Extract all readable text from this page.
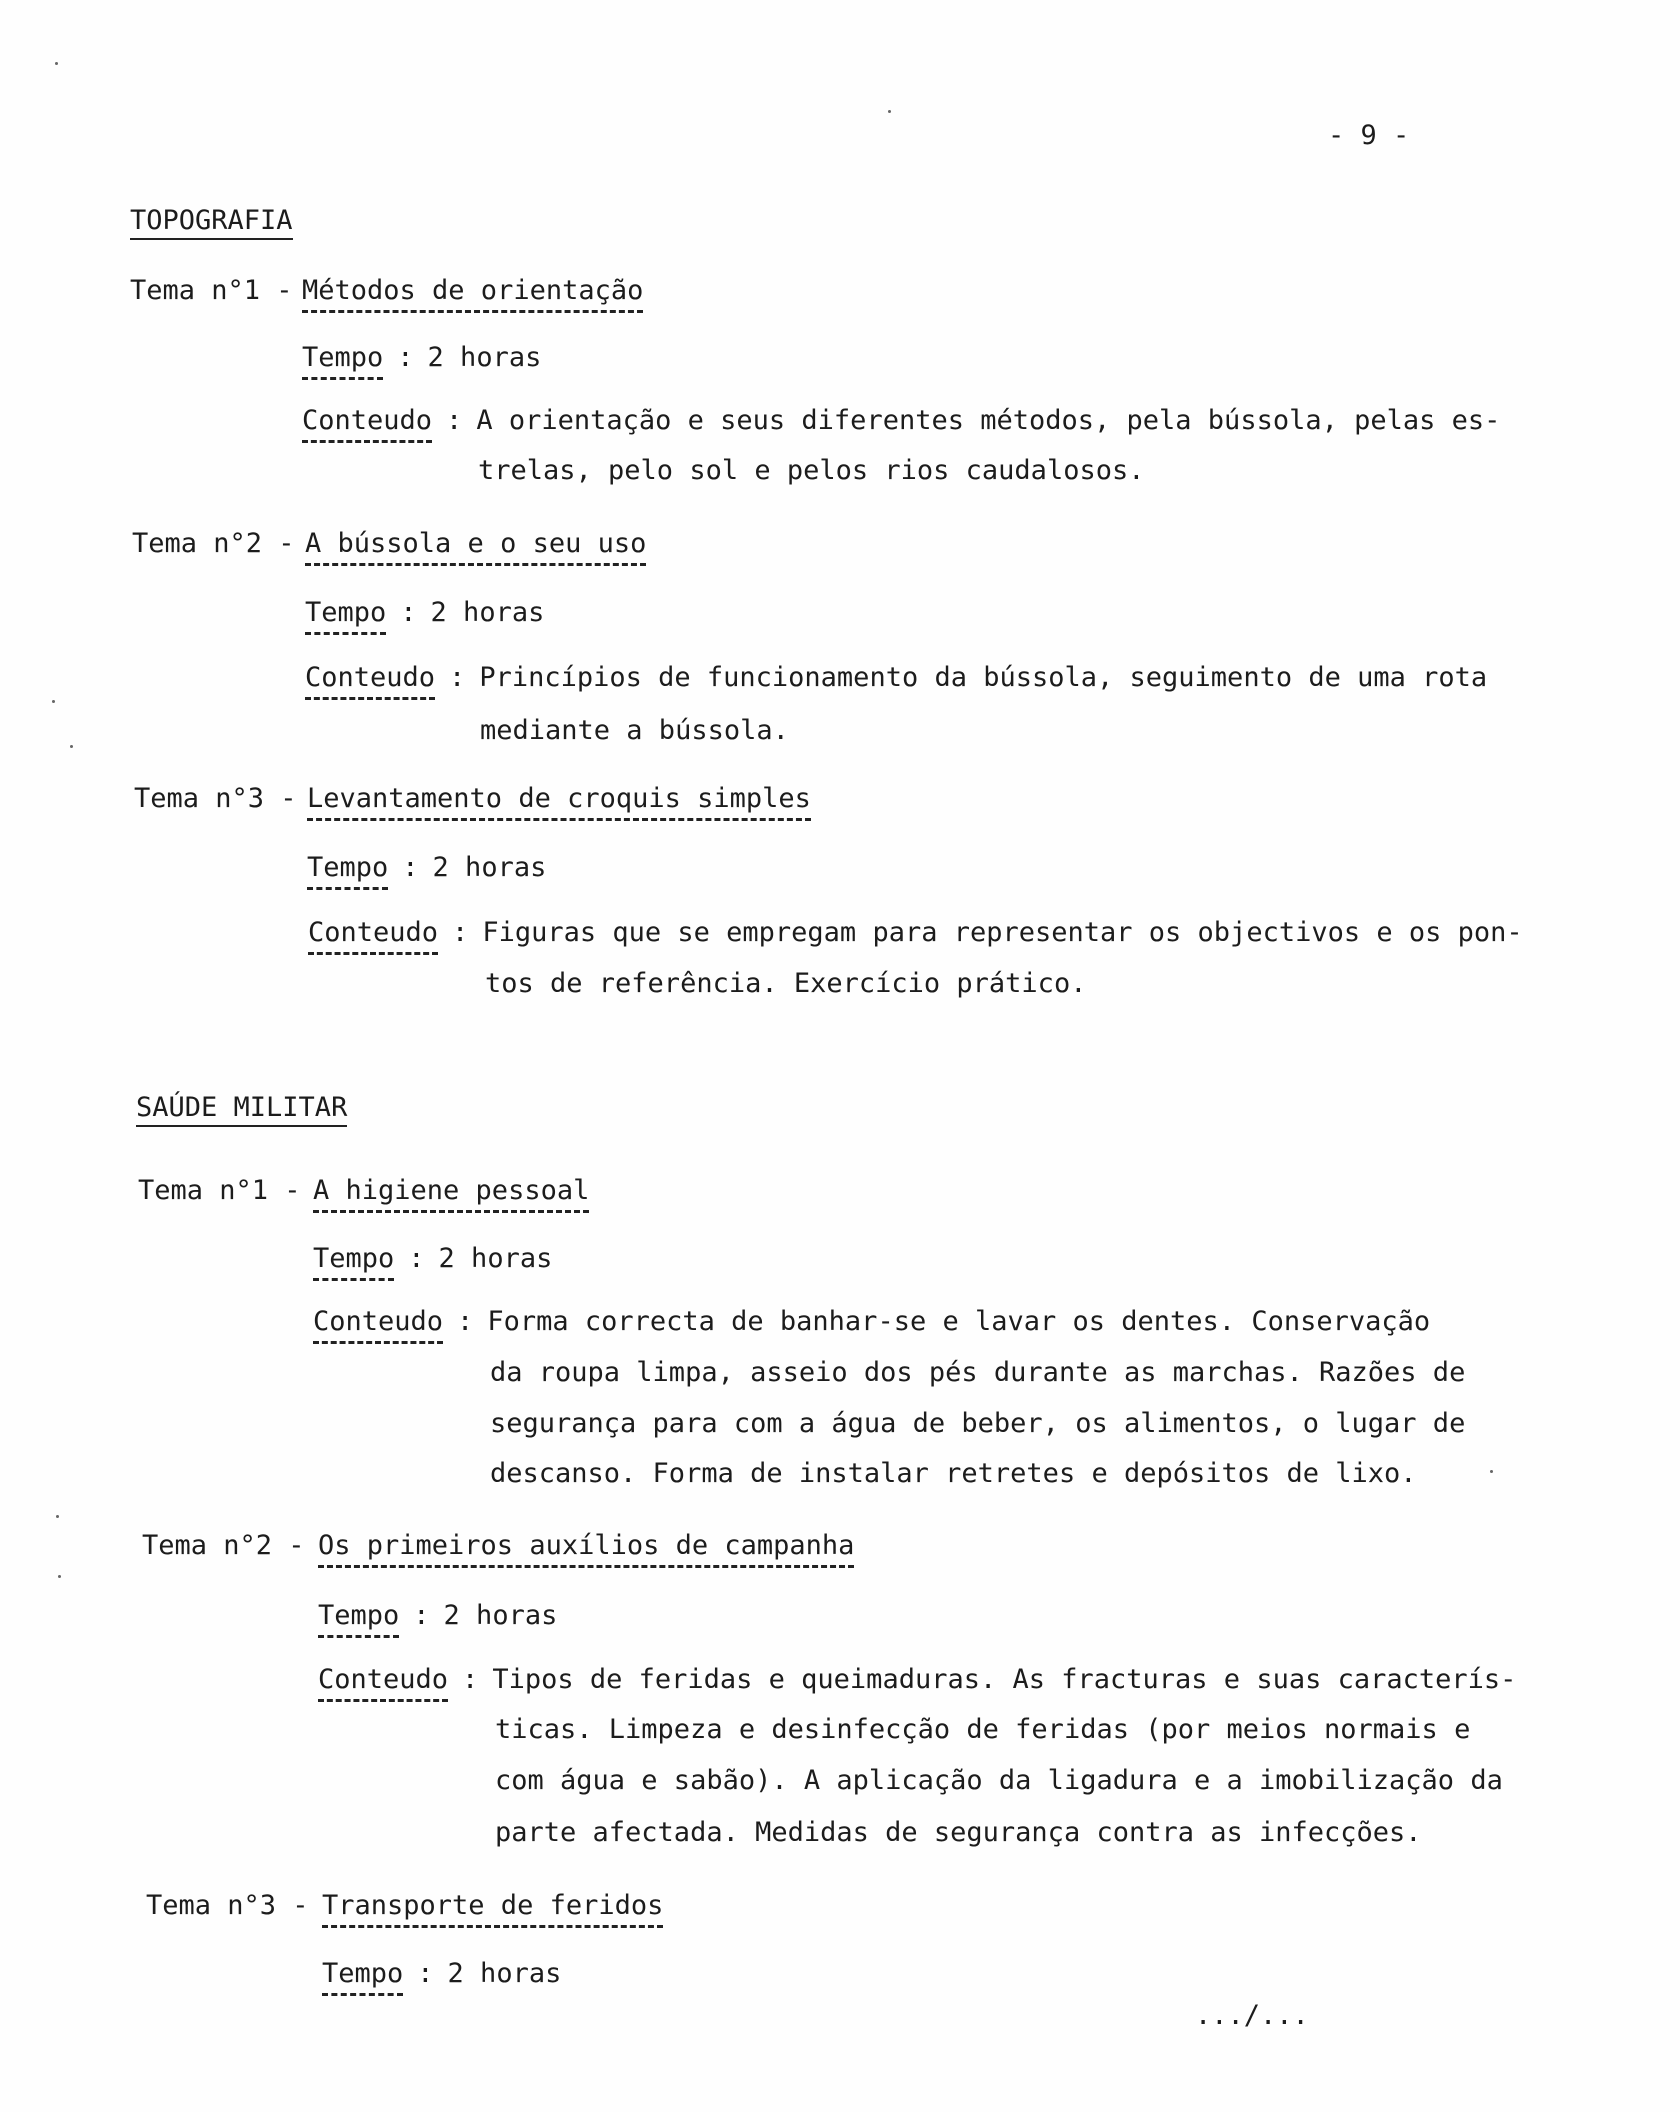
- 9 -
TOPOGRAFIA
Tema n°1 - Métodos de orientação
Tempo : 2 horas
Conteudo : A orientação e seus diferentes métodos, pela bússola, pelas es-
trelas, pelo sol e pelos rios caudalosos.
Tema n°2 - A bússola e o seu uso
Tempo : 2 horas
Conteudo : Princípios de funcionamento da bússola, seguimento de uma rota
mediante a bússola.
Tema n°3 - Levantamento de croquis simples
Tempo : 2 horas
Conteudo : Figuras que se empregam para representar os objectivos e os pon-
tos de referência. Exercício prático.
SAÚDE MILITAR
Tema n°1 - A higiene pessoal
Tempo : 2 horas
Conteudo : Forma correcta de banhar-se e lavar os dentes. Conservação
da roupa limpa, asseio dos pés durante as marchas. Razões de
segurança para com a água de beber, os alimentos, o lugar de
descanso. Forma de instalar retretes e depósitos de lixo.
Tema n°2 - Os primeiros auxílios de campanha
Tempo : 2 horas
Conteudo : Tipos de feridas e queimaduras. As fracturas e suas caracterís-
ticas. Limpeza e desinfecção de feridas (por meios normais e
com água e sabão). A aplicação da ligadura e a imobilização da
parte afectada. Medidas de segurança contra as infecções.
Tema n°3 - Transporte de feridos
Tempo : 2 horas
.../...
